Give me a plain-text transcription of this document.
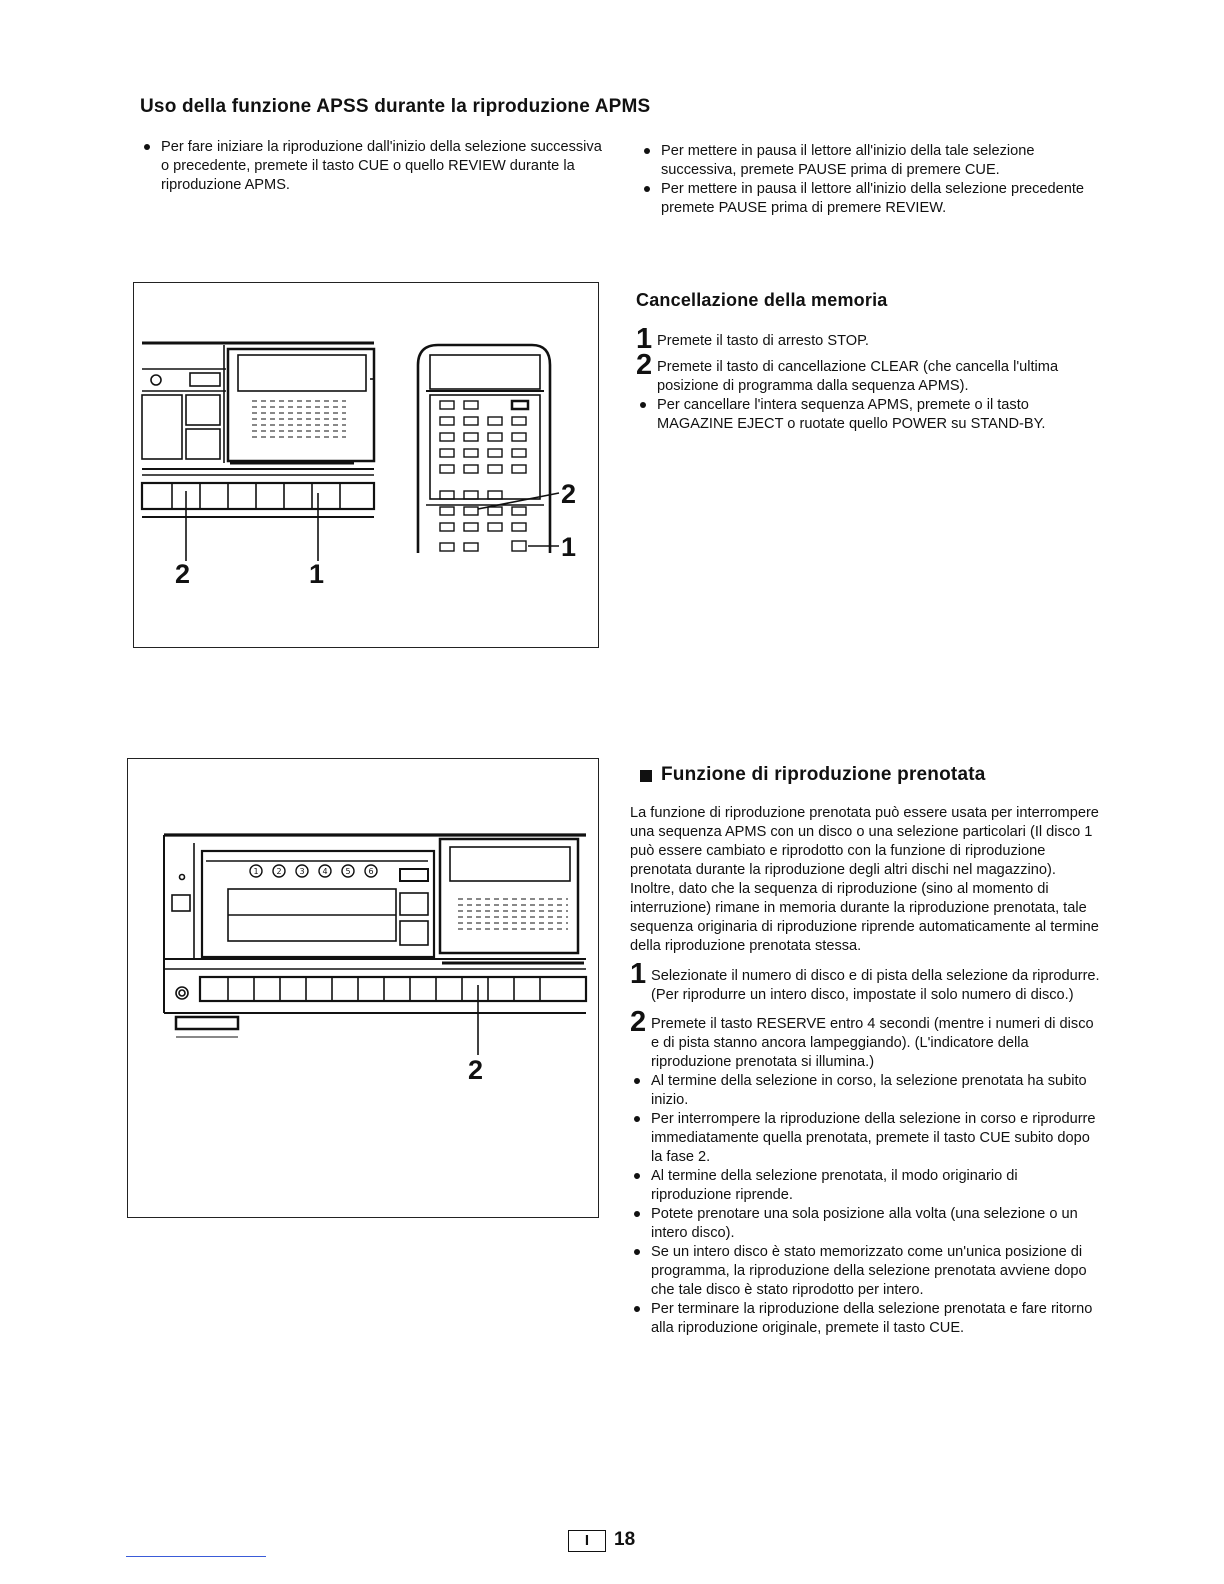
Uso della funzione APSS durante la riproduzione APMS
Per fare iniziare la riproduzione dall'inizio della selezione successiva o precedente, premete il tasto CUE o quello REVIEW durante la riproduzione APMS.
Per mettere in pausa il lettore all'inizio della tale selezione successiva, premete PAUSE prima di premere CUE.
Per mettere in pausa il lettore all'inizio della selezione precedente premete PAUSE prima di premere REVIEW.
2	1
2
1
Cancellazione della memoria
1 Premete il tasto di arresto STOP.
2 Premete il tasto di cancellazione CLEAR (che cancella l'ultima posizione di programma dalla sequenza APMS).
Per cancellare l'intera sequenza APMS, premete o il tasto MAGAZINE EJECT o ruotate quello POWER su STAND-BY.
1 2 3 4 5 6
2
Funzione di riproduzione prenotata
La funzione di riproduzione prenotata può essere usata per interrompere una sequenza APMS con un disco o una selezione particolari (Il disco 1 può essere cambiato e riprodotto con la funzione di riproduzione prenotata durante la riproduzione degli altri dischi nel magazzino).
Inoltre, dato che la sequenza di riproduzione (sino al momento di interruzione) rimane in memoria durante la riproduzione prenotata, tale sequenza originaria di riproduzione riprende automaticamente al termine della riproduzione prenotata stessa.
1 Selezionate il numero di disco e di pista della selezione da riprodurre. (Per riprodurre un intero disco, impostate il solo numero di disco.)
2 Premete il tasto RESERVE entro 4 secondi (mentre i numeri di disco e di pista stanno ancora lampeggiando). (L'indicatore della riproduzione prenotata si illumina.)
Al termine della selezione in corso, la selezione prenotata ha subito inizio.
Per interrompere la riproduzione della selezione in corso e riprodurre immediatamente quella prenotata, premete il tasto CUE subito dopo la fase 2.
Al termine della selezione prenotata, il modo originario di riproduzione riprende.
Potete prenotare una sola posizione alla volta (una selezione o un intero disco).
Se un intero disco è stato memorizzato come un'unica posizione di programma, la riproduzione della selezione prenotata avviene dopo che tale disco è stato riprodotto per intero.
Per terminare la riproduzione della selezione prenotata e fare ritorno alla riproduzione originale, premete il tasto CUE.
I	18
